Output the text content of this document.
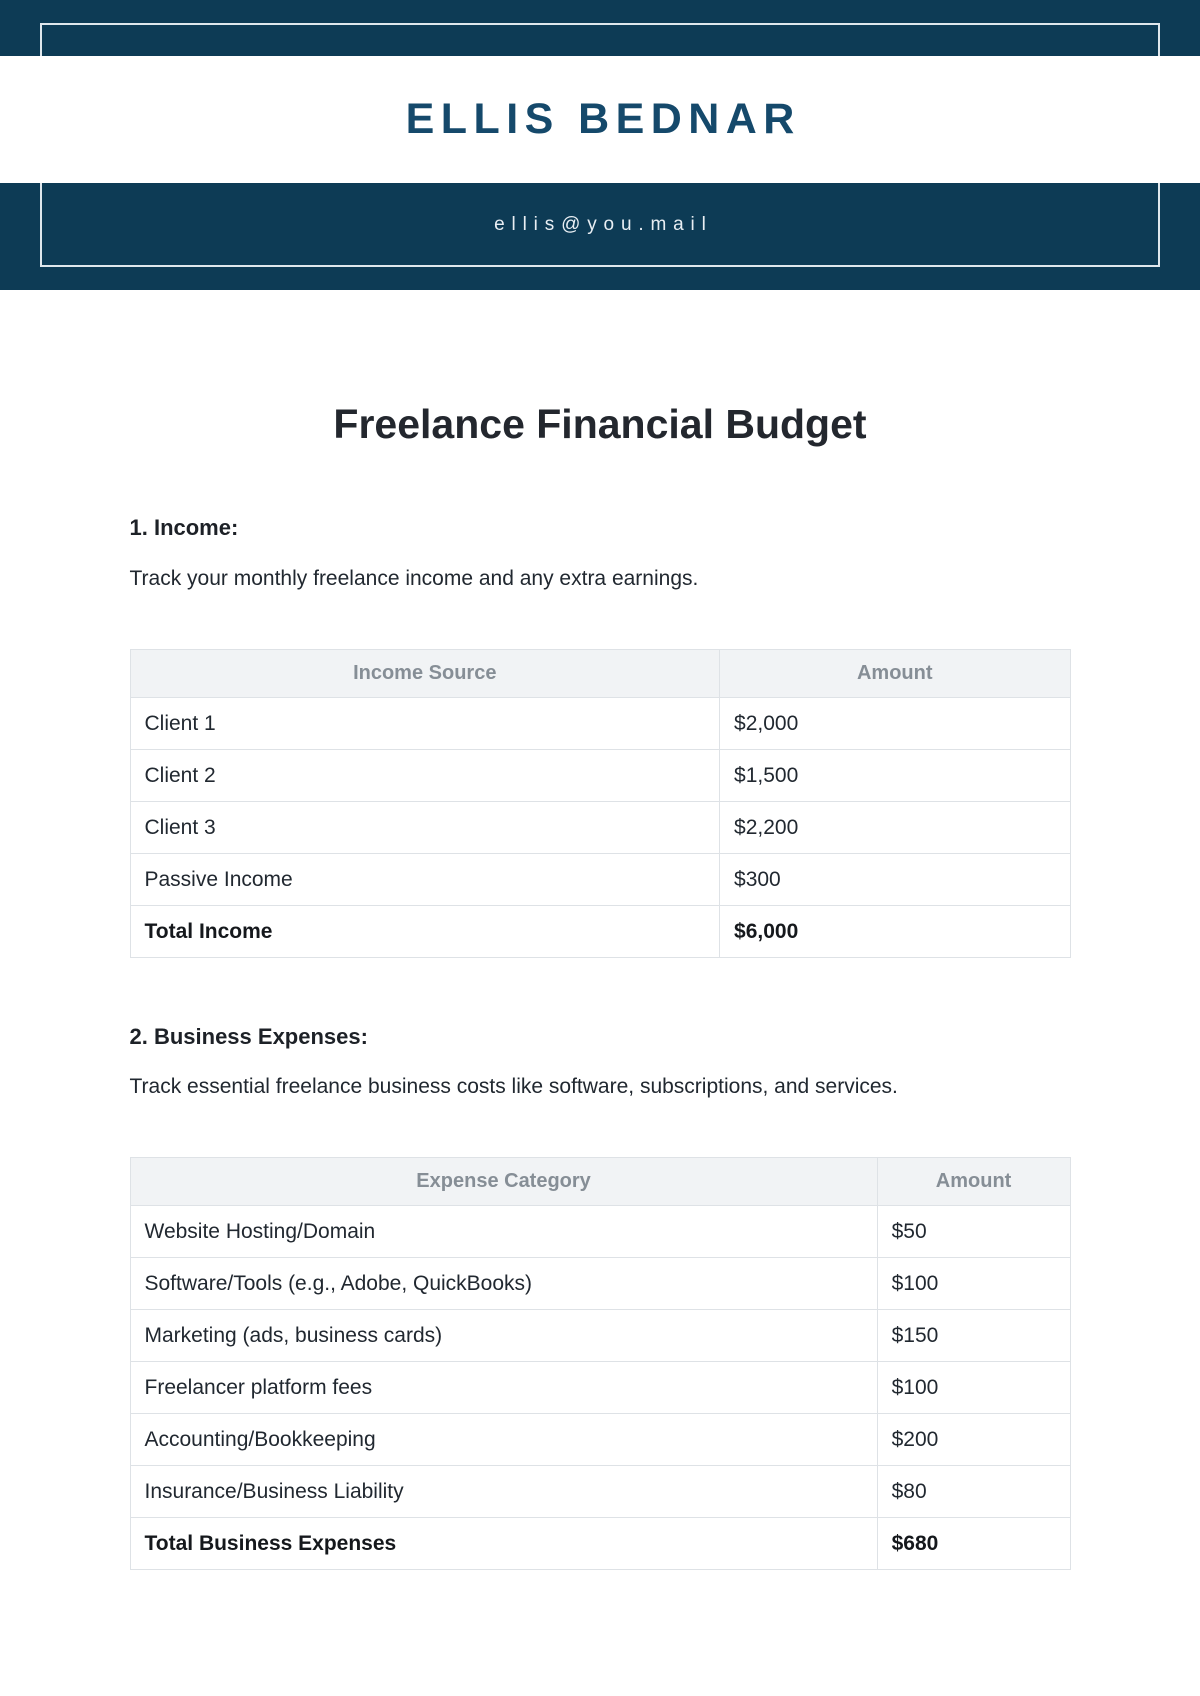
ELLIS BEDNAR
ellis@you.mail
Freelance Financial Budget
1. Income:

Track your monthly freelance income and any extra earnings.

Income Source	Amount
Client 1	$2,000
Client 2	$1,500
Client 3	$2,200
Passive Income	$300
Total Income	$6,000
2. Business Expenses:

Track essential freelance business costs like software, subscriptions, and services.

Expense Category	Amount
Website Hosting/Domain	$50
Software/Tools (e.g., Adobe, QuickBooks)	$100
Marketing (ads, business cards)	$150
Freelancer platform fees	$100
Accounting/Bookkeeping	$200
Insurance/Business Liability	$80
Total Business Expenses	$680
